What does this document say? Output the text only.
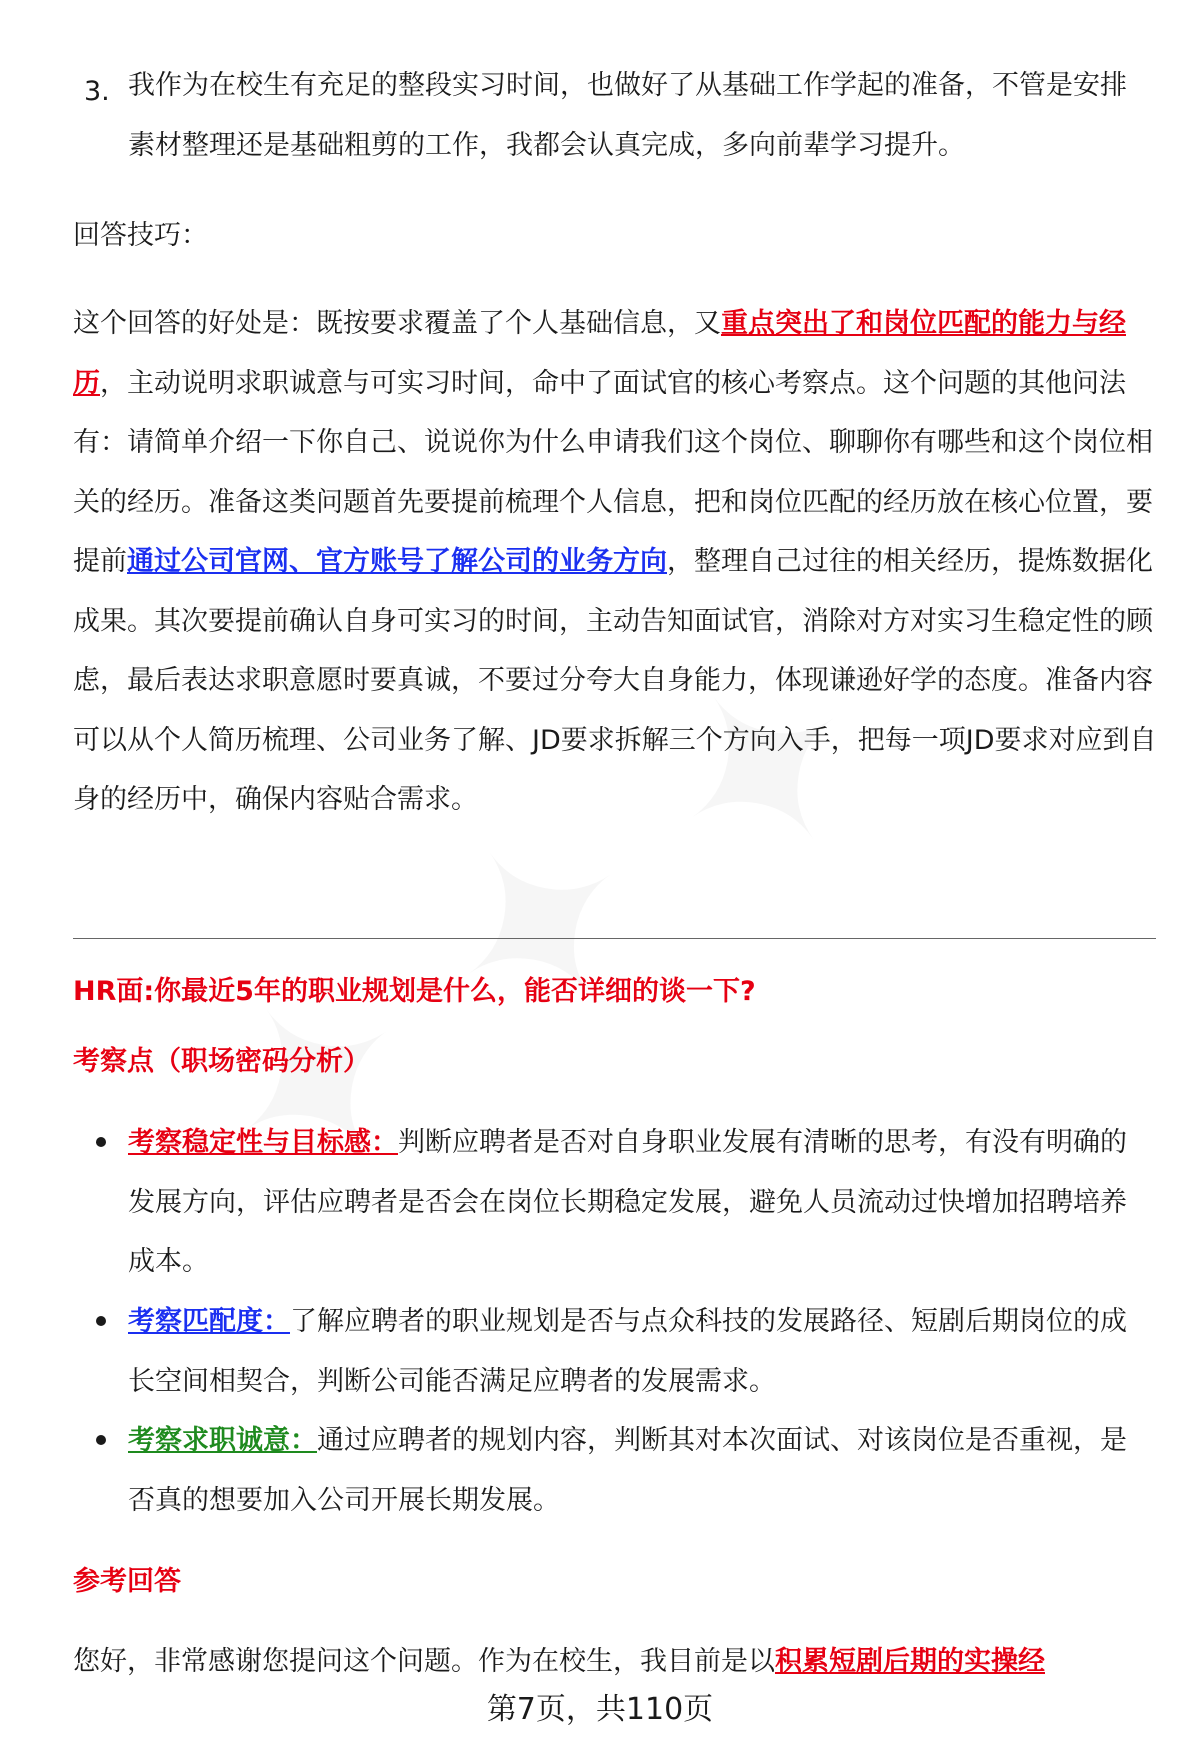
3. 我作为在校生有充足的整段实习时间，也做好了从基础工作学起的准备，不管是安排素材整理还是基础粗剪的工作，我都会认真完成，多向前辈学习提升。

回答技巧：

这个回答的好处是：既按要求覆盖了个人基础信息，又重点突出了和岗位匹配的能力与经历，主动说明求职诚意与可实习时间，命中了面试官的核心考察点。这个问题的其他问法有：请简单介绍一下你自己、说说你为什么申请我们这个岗位、聊聊你有哪些和这个岗位相关的经历。准备这类问题首先要提前梳理个人信息，把和岗位匹配的经历放在核心位置，要提前通过公司官网、官方账号了解公司的业务方向，整理自己过往的相关经历，提炼数据化成果。其次要提前确认自身可实习的时间，主动告知面试官，消除对方对实习生稳定性的顾虑，最后表达求职意愿时要真诚，不要过分夸大自身能力，体现谦逊好学的态度。准备内容可以从个人简历梳理、公司业务了解、JD要求拆解三个方向入手，把每一项JD要求对应到自身的经历中，确保内容贴合需求。

HR面:你最近5年的职业规划是什么，能否详细的谈一下?

考察点（职场密码分析）

考察稳定性与目标感：判断应聘者是否对自身职业发展有清晰的思考，有没有明确的发展方向，评估应聘者是否会在岗位长期稳定发展，避免人员流动过快增加招聘培养成本。

考察匹配度：了解应聘者的职业规划是否与点众科技的发展路径、短剧后期岗位的成长空间相契合，判断公司能否满足应聘者的发展需求。

考察求职诚意：通过应聘者的规划内容，判断其对本次面试、对该岗位是否重视，是否真的想要加入公司开展长期发展。

参考回答

您好，非常感谢您提问这个问题。作为在校生，我目前是以积累短剧后期的实操经

第7页，共110页
